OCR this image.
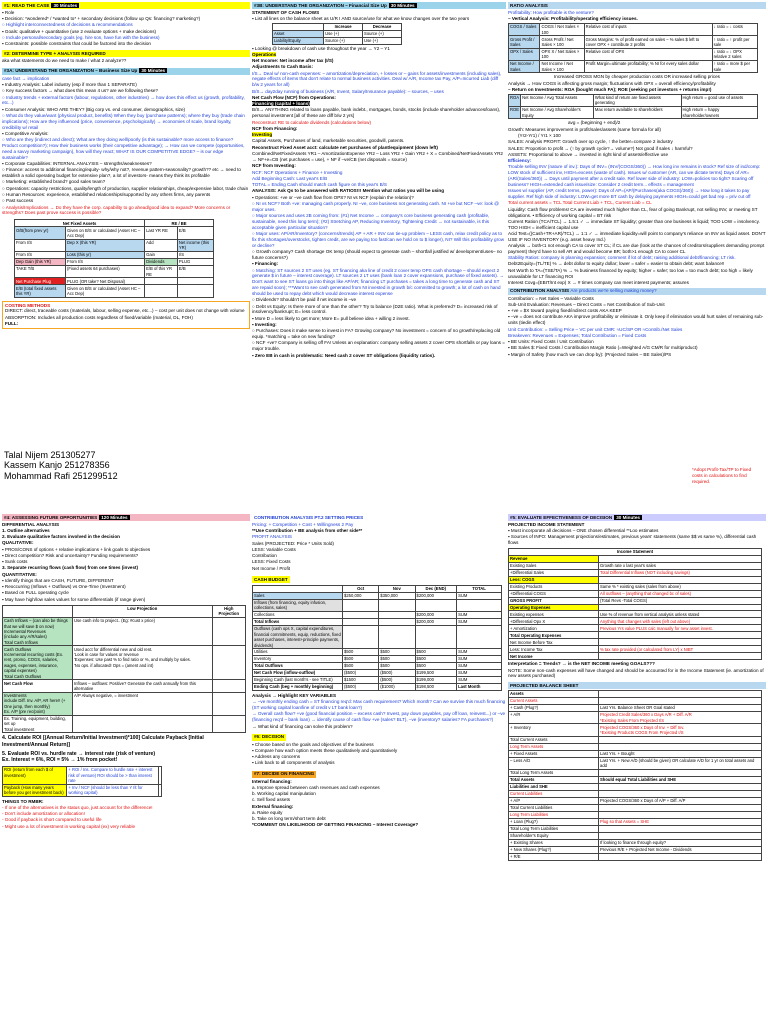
#1: READ THE CASE 30 Minutes

▪ Role

▪ Decision: *wondered* / *wanted to* + secondary decisions (follow up Qs: financing? marketing?)

○ Highlight interconnectedness of decisions & recommendations

▪ Goals: qualitative + quantitative (use 2 evaluate options + make decisions)

○ Include personal/secondary goals (eg. hire son, have fun with the business)

▪ Constraints: possible constraints that could be factored into the decision

#2: DETERMINE TYPE + ANALYSIS REQUIRED

aka what statements do we need to make / what 2 analyze??

#3A: UNDERSTAND THE ORGANIZATION – Business Size Up 30 Minutes

case fact → implication

▪ Industry Analysis: Label industry (esp if more than 1 SEPARATE)

○ Key success factors → what does this mean 4 us? are we following these?

○ Industry trends + external factors (labour, regulations, other industries) → how does this effect us (growth, profitability, etc...)

▪ Consumer Analysis: WHO ARE THEY? (Big corp vs. end consumer, demographics, size)

○ What do they value/want (physical product, benefits) When they buy (purchase patterns); where they buy (trade chain implications); How are they influenced (price, convenience, psychologically) → economies of scale, brand loyalty, credibility w/ retail

▪ Competitive Analysis:

○ Who are they (indirect and direct); What are they doing well/poorly (is this sustainable? more access to finance? Product competition?); How their business works (their competitive advantage); → How can we compete (opportunities, need a savvy marketing campaign), how will they react; WHAT IS OUR COMPETITIVE EDGE? – is our edge sustainable?

▪ Corporate Capabilities: INTERNAL ANALYSIS – strengths/weaknesses?

○ Finance: access to additional financing/equity- why/why not?, revenue pattern-seasonality? growth?? etc → need to establish a solid operating budget for extensive plan?, a lot of investors- means they think its profitable

○ Marketing: established brand? good sales team?

○ Operations: capacity restrictions, quality/length of production, supplier relationships, cheap/expensive labor, trade chain

○ Human Resources: experience, established relationships/supported by any others firms, any parents

○ Past success

○ Analysis/Implications → Do they have the corp. capability to go ahead/good idea to expand? More concerns or strengths? Does past prove success is possible?

Net Fixed Assets		RE / BE	
O/B(from prev yr)	Given on B/S or calculated (Asset HC – Acc Dep)	Last YR RE	E/B
From I/S	Dep X (this YR)	Add	Net income (this YR)
From I/S	Loss (this yr)	Gain	I/S
Dep Gain (this YR)	From I/S	Dividends	PLUG
TAKE T/B	(Fixed assets 64 purchases)	E/B of this YR RE	E/B
Net Purchase Plug	PLUG (OR take? Net Disposal)		
E/B (total fixed assets this YR)	Given on B/S or calculated (Asset HC – Acc Dep)		
COSTING METHODS

DIRECT: direct, traceable costs (materials, labour, selling expense, etc...) – cost per unit does not change with volume

ABSORPTION: Includes all production costs regardless of fixed/variable (material, DL, FOH)

FULL:

Talal Nijem 251305277
Kassem Kanjo 251278356
Mohammad Rafi 251299512
#3B: UNDERSTAND THE ORGANIZATION – Financial Size Up 30 Minutes
STATEMENT OF CASH FLOWS

▪ List all lines on the balance sheet as U/R I AND source/use for what we know changes over the two years

	Increase	Decrease
Asset	Use (+)	Source (+)
Liability/Equity	Source (+)	Use (+)

▪ Looking @ breakdown of cash use throughout the year → Y2 – Y1

Operations

Net Income: Net income after tax (I/S)

Adjustments to Cash Basis:

I/S→ Deal w/ non-cash expenses: – amortization/depreciation, + losses or – gains for assets/investments (including sales), negate effects of items that don't relate to normal business activities. Deal w/ A/R, Income tax Pay, A/P=Incurred Liab (diff b/w 2 years for all)

B/S→ day2day running of business (A/R, Invent, Salary/Insurance payable): – sources, – uses

Net Cash Flow (NCF) from Operations:

Financing (capital + loans)

B/S→ ANYTHING related to loans payable, bank indebt., mortgages, bonds, stocks (include shareholder advances/loans), personal investment [all of these are diff b/w 2 yrs]

Reconstruct RE to calculate dividends (calculations below)

NCF from Financing:

Investing

Capital Assets, Purchases of land, marketable securities, goodwill, patents.

Reconstruct Fixed Asset acct: calculate net purchases of plant/equipment (down left)

Combined/NetFixedAssets YR1 – AmortizationExpense YR2 – Loss YR2 + Gain YR2 + X = Combined/NetFixedAssets YR2

→ NF+e=CB (net purchases = use), + NF if –ve/CB (net disposals = source)

NCF from Investing:

NCF: NCF Operations + Finance + Investing

Add Beginning Cash: Last year's E/B

TOTAL = Ending Cash should match cash figure on this year's B/S

ANALYSIS: Ask Qs to be answered with RATIOS!!! Mention what ratios you will be using

▪ Operations: +ve or –ve cash flow from OPS? NI vs NCF (explain the relation)?

○ NI vs NCF? Both +ve: managing cash properly. NI –ve, core business not generating cash. NI +ve but NCF –ve: look @ major uses.

○ Major sources and uses 2B coming from: (#1) Net Income → company's core business generating cash (profitable, sustainable, need this long term); (#2) Stretching AP, Reducing Inventory, Tightening Credit → not sustainable, is this acceptable given particular situation?

○ Major uses: AP/AR/Inventory? (concerns/trends) AP + AR + INV can tie-up problem – LESS cash, relax credit policy as to fix this shortages/overstocks, tighten credit, are we paying too fast/can we hold on to $ longer), NI? Will this profitability grow or decline?

○ Growth company? Cash shortage OK temp (should expect to generate cash – shortfall justified w/ development/uses– no future concerns?)

▪ Financing:

○ Matching: ST sources 2 ST uses (eg. ST financing aka line of credit 2 cover temp OPS cash shortage – should expect 2 generate $ in future – interest coverage). LT sources 2 LT uses (bank loan 2 cover expansions, purchase of fixed assets). → Don't want to see ST loans go into things like AP/AR; financing LT purchases = takes a long time to generate cash and ST are repaid soon); ***Want to see cash generated from NI invested in growth b/c committed to growth; a lot of cash on hand should be used to repay debt which would decrease interest expense

○ Dividends? Shouldn't be paid if net income is –ve

○ Debt vs Equity: Is there more of one than the other? Try to balance (D2E ratio). What is preferred? D= increased risk of insolvency/bankrupt; E= less control.

▪ More D = less likely to get more; More E= pull believe idea + willing 2 invest.

▪ Investing:

○ Purchases: Does it make sense to invest in FA? Growing company? No investment = concern of no growth/replacing old equip. *matching = take on new funding?

○ NCF +ve? Company is selling off FA! Unless an explanation: company selling assets 2 cover OPS shortfalls or pay loans = major trouble.

▪ Zero EB in cash is problematic: Need cash 2 cover ST obligations (liquidity ratios).

RATIO ANALYSIS

Profitability: How profitable is the venture?

– Vertical Analysis: Profitability/operating efficiency issues.

COGS / Sales	COGS / Net Sales × 100	Relative cost of inputs	↓ ratio = ↓ costs
Gross Profit / Sales	Gross Profit / Net Sales × 100	Gross Margins: % of profit earned on sales – % sales $ left to cover OPX + contribute 2 profits	↑ ratio = ↑ profit per sale
OPX / Sales	OPX X / Net Sales × 100	Relative cost of OPX	↓ ratio = ↓ OPX relative 2 sales
Net Income / Sales	Net Income / Net Sales × 100	Profit Margin=ultimate profitability; % NI for every sales dollar	↑ ratio = more $ per sale

Increased GROSS MGN by cheaper production costs OR increased selling prices

Analysis → How COGS is affecting gross margin; fluctuations with OPX = overall efficiency/profitability

– Return on Investments: ROA (bought much FA); ROE (seeking pot investors + returns imp!)

ROA	Net Income / Avg Total Assets	What kind of return are fixed assets generating	High return = good use of assets
ROE	Net Income / Avg Shareholder's Equity	Max return available to shareholders	High return = happy shareholder/owners

avg = (beginning + end)/2

Growth: Measures improvement in profit/sales/assets (same formula for all)

(Yr2-Yr1) / Yr1 × 100

SALES: Analysis PROFIT: Growth over op cycle, ↑ the better=compare 2 industry

SALES: Proportion to profit → (↑ by growth cycle?→ volume?) Not good if sales ↓ harmful?

ASSETS: Proportional to above → invested in right kind of assets/effective use

Efficiency:

Trouble selling INV (nature of inv.): Days of INV= (INV/(COGS/360)) → How long inv remains in stock? Ref size of ind/comp: LOW stock of sufficient inv, HIGH=excess (waste of cash). Issues w/ customer (AR, can we dictate terms) Days of AR= (AR/(Sales/360)) → Days until payment after a credit sale. Ref lower side of industry: LOW=policies too tight? Scaring off business? HIGH=extended cash issue/size: Consider 2 credit term... effects = management

Issues w/ supplier (AP, credit terms, power): Days of AP=(AP/(Purchases(aka COGS)/360)) → How long it takes to pay supplier. Ref high side of industry: LOW=get more BT cash by delaying payments HIGH=could get bad rep = priv cut off

Total current assets = TCL Total Current Liab + TCL, Current Liab = CL

Liquidity: Cash flow problems! CA are invested much higher than CL, fear of going Bankrupt, not selling INV, or meeting ST obligations. • Efficiency of working capital = BT risk

Current Ration (TCA/TCL) → 1.5:1 ✓ → immediate ST liquidity; greater than one business is liquid; TOO LOW = insolvency. TOO HIGH = inefficient capital use

Acid Test=((Cash+TR+AR)/TCL) → 1:1 ✓ → immediate liquidity=will point to company's reliance on INV as liquid asset. DON'T USE IF NO INVENTORY (e.g. asset heavy Ind.)

Analysis → both<1 not enough CA to cover ST CL; if CL are due (look at the chances of creditors/suppliers demanding prompt payment) they'd have to sell AR and would become BR; both>1 enough CA to cover CL

Stability Ratios: company is planning expansion; comment if lot of debt; raising additional debt/financing; LT risk.

Debt2Equity=(TL/TE) % → debt dollar to equity dollar; lower = safer = easier to obtain debt; want balance!!

Net Worth to TA=(TSE/TA) % → % business financed by equity; higher = safer; too low = too much debt; too high = likely unavailable for LT financing ROI

Interest Covg=(EBIT/Int exp) X → # times company can meet interest payments; assures

CONTRIBUTION ANALYSIS Are products we're selling making money?

Contribution: = Net Sales – Variable Costs

Sub-Unit Evaluation: Revenues – Direct Costs = Net Contribution of Sub-Unit

▪ +ve = $X toward paying fixed/indirect costs AKA KEEP

▪ –ve = does not contribute AKA improve profitability or eliminate it. Only keep if elimination would hurt sales of remaining sub-units (tiedin effect)

Unit Contribution: = Selling Price – VC per unit CMR: ≈UC/SP OR ≈Contrib./Net Sales

Breakeven: Revenues = Expenses; Total Contribution = Fixed Costs

▪ BE Units: Fixed Costs / Unit Contribution

▪ BE Sales $: Fixed Costs / Contribution Margin Ratio (=Weighted A/G CM/R for multiproduct)

▪ Margin of Safety (how much we can drop by): (Projected Sales – BE Sales)/PS

*Adopt Profit-Tax/TP to Fixed costs in calculations to find required.

#4: ASSESSING FUTURE OPPORTUNITIES 120 Minutes
DIFFERENTIAL ANALYSIS

1. Outline alternatives

2. Evaluate qualitative factors involved in the decision

QUALITATIVE:

▪ PROS/CONS of options + relative implications + link goals to objectives

▪ Direct competition? Risk and uncertainty? Funding requirements?

▪ Sunk costs

3. Separate recurring flows (cash flow) from one times (invest)

QUANTITATIVE:

▪ Identify things that are CASH, FUTURE, DIFFERENT

▪ Reoccurring (Inflows + Outflows) vs One-Time (Investment)

▪ Based on FULL operating cycle

▪ May have high/low sales values for some differentials (if range given)

	Low Projection	High Projection
Cash Inflows – (can also be things that we will save $ on now)
Incremental Revenues
(include any A/R/sales)
Total Cash Inflows	Use cash info to project.. (Eg: #cust x price)	
Cash Outflows
Incremental recurring costs (Ex. rent, promo, COGS, salaries, wages, expenses, insurance, capital expenses)
Total Cash Outflows	Used acct for differential new and old rent.
'Look in case for values or revenue
'Expenses: Use past % to find ratio or %, and multiply by sales.
'No ops. if allocated! Ops = (ament and int)	
Net Cash Flow	Inflows – outflows: Positive? Generate the cash annually from this alternative	
Investments
include Diff. Inv. A/P, AR here!! (+ One jump, then monthly)
Ex. A/P (pre rec/point)	A/P Always negative, = investment	
Ex. Training, equipment, building, set up
Total investment		

4. Calculate ROI [(Annual Return/Initial Investment)*100] Calculate Payback [Initial Investment/Annual Return)]

5. Evaluate ROI vs. hurdle rate → interest rate (risk of venture)
Ex. Interest = 6%, ROI = 5% → 1% from pocket!

ROI (return from each $ of investment)	+ ROI / Ins. Compare to hurdle rate + interest risk of venture) ROI should be > than interest rate	
Payback (How many years before you get investment back)	+ Inv / NCF (should be less than Y Ilt for working capital)	
THINGS TO RMBR:

- If one of the alternatives is the status quo, just account for the difference!

- Don't include amortization or allocation!

- Good if payback is short compared to useful life

- Might use a lot of investment in working capital (ex) very reliable

CONTRIBUTION ANALYSIS PT.2 SETTING PRICES

Pricing: + Competition + Cost + Willingness 2 Pay

**Use Contribution + BE analysis from other side**

PROFIT ANALYSIS

Sales (PROJECTED: Price * Units Sold)

LESS: Variable Costs

Contribution

LESS: Fixed Costs

Net Income / Profit

CASH BUDGET
	Oct	Nov	Dec (END)	TOTAL
Sales	$250,000	$350,000	$200,000	SUM
Inflows (from financing, equity infusion, collections, sales)				
Collections			$200,000	SUM
Total Inflows			$200,000	SUM
Outflows (cash ops X, capital expenditures, financial commitments, equip, reductions, fixed asset purchases, interest+principle payments, dividends)				
Utilities	$500	$500	$500	SUM
Inventory	$500	$500	$500	SUM
Total Outflows	$500	$500	$500	SUM
Net Cash Flow (inflow-outflow)	($500)	($500)	$199,500	SUM
Beginning Cash (last month's - see TITLE)	$1500	($500)	$199,000	SUM
Ending Cash (beg + monthly beginning)	($500)	($1000)	$198,500	Last Month

Analysis → Highlight KEY VARIABLES

→ –ve monthly ending cash = ST financing req'd: Max cash requirement? Which month? Can we survive this much financing (ST working capital loan/line of credit v LT bank loan?)

→ Overall cash flow? +ve (good financial position – excess cash? Invest, pay down payables, pay off loan, reinvest...) or –ve (financing req'd – bank loan) → identify cause of cash flow +ve (sales? BLT), –ve (inventory? salaries? FA purchases?)

→ What kind of financing can solve this problem?

#6: DECISION

▪ Choose based on the goals and objectives of the business

▪ Compare how each option meets these qualitatively and quantitatively

▪ Address any concerns

▪ Link back to all components of analysis

#7: DECIDE ON FINANCING

Internal financing:

a. Improve spread between cash revenues and cash expenses

b. Working capital manipulation

c. Sell fixed assets

External financing:

a. Raise equity

b. Take on long term/short term debt

*COMMENT ON LIKELIHOOD OF GETTING FINANCING – Interest Coverage?

#5: EVALUATE EFFECTIVENESS OF DECISION 30 Minutes
PROJECTED INCOME STATEMENT

▪ Must incorporate all decisions – ONE chosen differential **Loo estimates

▪ Sources of INFO: Management projections/estimates, previous years' statements (same $$ vs same %), differential cash flows

Income Statement	
Revenue	
Existing Sales	Growth rate x last year's sales
+Differential Sales	Total Differential Inflows (NOT including savings)
Less: COGS	
Existing Products	Same % * existing sales (sales from above)
+Differential COGS	All outflows – (anything that changed bc of sales)
GROSS PROFIT	(Total Revs -Total COGS)
Operating Expenses	
Existing expenses	Use % of revenue from vertical analysis unless stated
+Differential Opx X	Anything that changes with sales (left out above)
+ Amortization	Previous Yrs value PLUS calc manually for new asset invest.
Total Operating Expenses	
Net Income Before Tax	
Less: Income Tax	% tax rate provided (or calculated from LY) x NIBT
Net Income	

Interpretation = Trends? → is the NET INCOME meeting GOALS???

NOTE: Some non-cash expenses will have changed and should be accounted for in the Income Statement (ie. amortization of new assets purchased)

PROJECTED BALANCE SHEET
Assets	
Current Assets	
+ Cash (Plug?)	Last Yrs. Balance Sheet OR Goal stated
+ A/R	Projected Credit Sales/360 x Days A/R + Diff. A/R
*Existing Sales From Projected I/S
+ Inventory	Projected COGS/360 x Days of Inv. + Diff Inv.
*Existing Products COGS From Projected I/S
Total Current Assets	
Long Term Assets	
+ Fixed Assets	Last Yrs. + Bought
– Less A/D	Last Yrs. + New A/D (should be given) OR calculate A/D for 1 yr on total assets and add
Total Long Term Assets	
Total Assets	Should equal Total Liabilities and SHE
Liabilities and SHE	
Current Liabilities	
+ A/P	Projected COGS/360 x Days of A/P + Diff. A/P
Total Current Liabilities	
Long Term Liabilities	
+ Loan (Plug?)	Plug so that Assets = SHE
Total Long Term Liabilities	
Shareholder's Equity	
+ Existing Shares	If looking to finance through equity?
+ New Shares (Plug?)	Previous R/E + Projected Net Income - Dividends
+ R/E	
